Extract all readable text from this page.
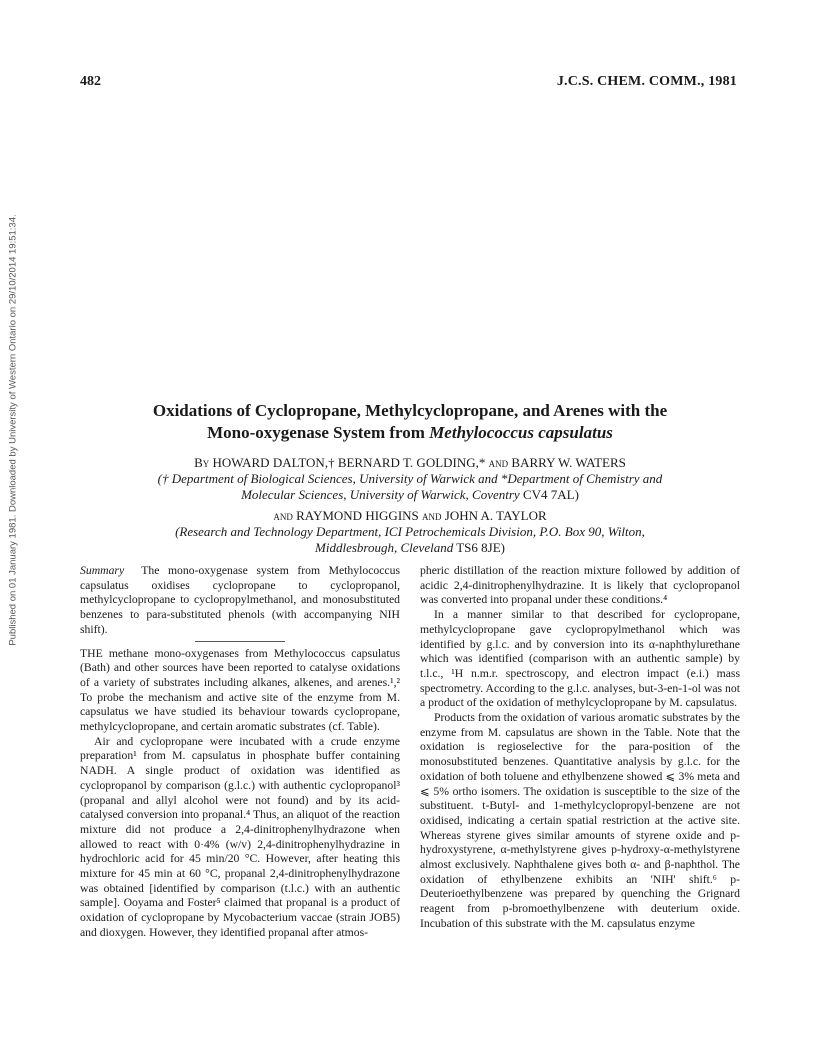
Published on 01 January 1981. Downloaded by University of Western Ontario on 29/10/2014 19:51:34.
482	J.C.S. CHEM. COMM., 1981
Oxidations of Cyclopropane, Methylcyclopropane, and Arenes with the
Mono-oxygenase System from Methylococcus capsulatus
By HOWARD DALTON,† BERNARD T. GOLDING,* and BARRY W. WATERS
(† Department of Biological Sciences, University of Warwick and *Department of Chemistry and
Molecular Sciences, University of Warwick, Coventry CV4 7AL)
and RAYMOND HIGGINS and JOHN A. TAYLOR
(Research and Technology Department, ICI Petrochemicals Division, P.O. Box 90, Wilton,
Middlesbrough, Cleveland TS6 8JE)

Summary The mono-oxygenase system from Methylococcus capsulatus oxidises cyclopropane to cyclopropanol, methylcyclopropane to cyclopropylmethanol, and monosubstituted benzenes to para-substituted phenols (with accompanying NIH shift).

THE methane mono-oxygenases from Methylococcus capsulatus (Bath) and other sources have been reported to catalyse oxidations of a variety of substrates including alkanes, alkenes, and arenes.¹,² To probe the mechanism and active site of the enzyme from M. capsulatus we have studied its behaviour towards cyclopropane, methylcyclopropane, and certain aromatic substrates (cf. Table).

Air and cyclopropane were incubated with a crude enzyme preparation¹ from M. capsulatus in phosphate buffer containing NADH. A single product of oxidation was identified as cyclopropanol by comparison (g.l.c.) with authentic cyclopropanol³ (propanal and allyl alcohol were not found) and by its acid-catalysed conversion into propanal.⁴ Thus, an aliquot of the reaction mixture did not produce a 2,4-dinitrophenylhydrazone when allowed to react with 0·4% (w/v) 2,4-dinitrophenylhydrazine in hydrochloric acid for 45 min/20 °C. However, after heating this mixture for 45 min at 60 °C, propanal 2,4-dinitrophenylhydrazone was obtained [identified by comparison (t.l.c.) with an authentic sample]. Ooyama and Foster⁵ claimed that propanal is a product of oxidation of cyclopropane by Mycobacterium vaccae (strain JOB5) and dioxygen. However, they identified propanal after atmos-

pheric distillation of the reaction mixture followed by addition of acidic 2,4-dinitrophenylhydrazine. It is likely that cyclopropanol was converted into propanal under these conditions.⁴

In a manner similar to that described for cyclopropane, methylcyclopropane gave cyclopropylmethanol which was identified by g.l.c. and by conversion into its α-naphthylurethane which was identified (comparison with an authentic sample) by t.l.c., ¹H n.m.r. spectroscopy, and electron impact (e.i.) mass spectrometry. According to the g.l.c. analyses, but-3-en-1-ol was not a product of the oxidation of methylcyclopropane by M. capsulatus.

Products from the oxidation of various aromatic substrates by the enzyme from M. capsulatus are shown in the Table. Note that the oxidation is regioselective for the para-position of the monosubstituted benzenes. Quantitative analysis by g.l.c. for the oxidation of both toluene and ethylbenzene showed ⩽ 3% meta and ⩽ 5% ortho isomers. The oxidation is susceptible to the size of the substituent. t-Butyl- and 1-methylcyclopropyl-benzene are not oxidised, indicating a certain spatial restriction at the active site. Whereas styrene gives similar amounts of styrene oxide and p-hydroxystyrene, α-methylstyrene gives p-hydroxy-α-methylstyrene almost exclusively. Naphthalene gives both α- and β-naphthol. The oxidation of ethylbenzene exhibits an 'NIH' shift.⁶ p-Deuterioethylbenzene was prepared by quenching the Grignard reagent from p-bromoethylbenzene with deuterium oxide. Incubation of this substrate with the M. capsulatus enzyme
